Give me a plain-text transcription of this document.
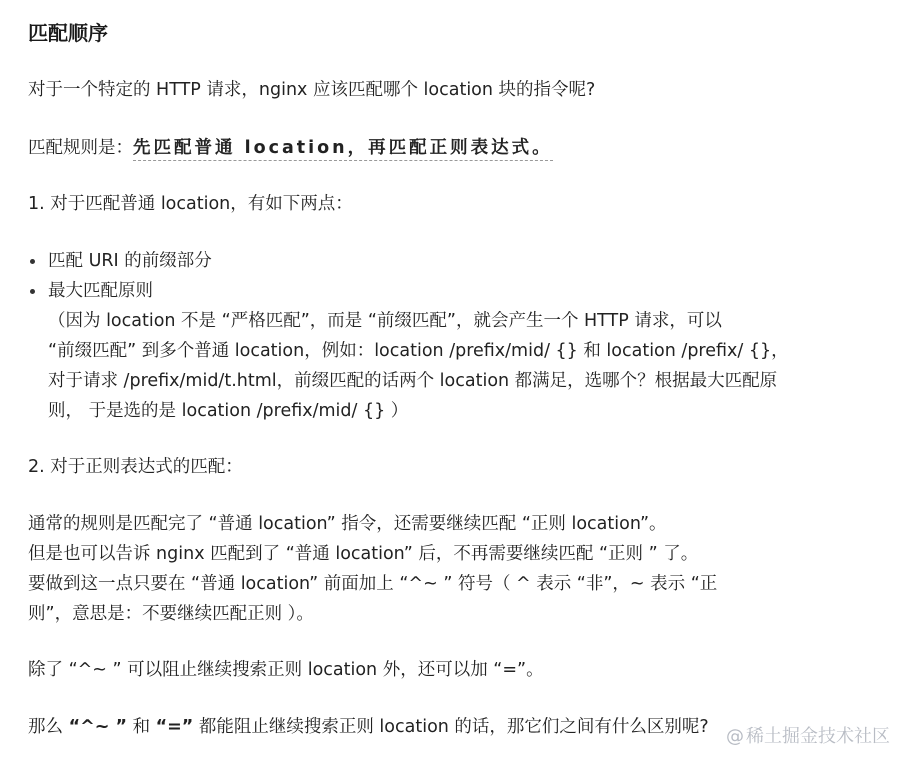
匹配顺序
对于一个特定的 HTTP 请求，nginx 应该匹配哪个 location 块的指令呢?
匹配规则是：先匹配普通 location，再匹配正则表达式。
1. 对于匹配普通 location，有如下两点：
匹配 URI 的前缀部分
最大匹配原则
（因为 location 不是 “严格匹配”，而是 “前缀匹配”，就会产生一个 HTTP 请求，可以
“前缀匹配” 到多个普通 location，例如：location /prefix/mid/ {} 和 location /prefix/ {}，
对于请求 /prefix/mid/t.html，前缀匹配的话两个 location 都满足，选哪个？根据最大匹配原
则， 于是选的是 location /prefix/mid/ {} ）
2. 对于正则表达式的匹配：
通常的规则是匹配完了 “普通 location” 指令，还需要继续匹配 “正则 location”。
但是也可以告诉 nginx 匹配到了 “普通 location” 后，不再需要继续匹配 “正则 ” 了。
要做到这一点只要在 “普通 location” 前面加上 “^~ ” 符号（ ^ 表示 “非”，~ 表示 “正
则”，意思是：不要继续匹配正则 ）。
除了 “^~ ” 可以阻止继续搜索正则 location 外，还可以加 “=”。
那么 “^~ ” 和 “=” 都能阻止继续搜索正则 location 的话，那它们之间有什么区别呢? @ 稀土掘金技术社区
